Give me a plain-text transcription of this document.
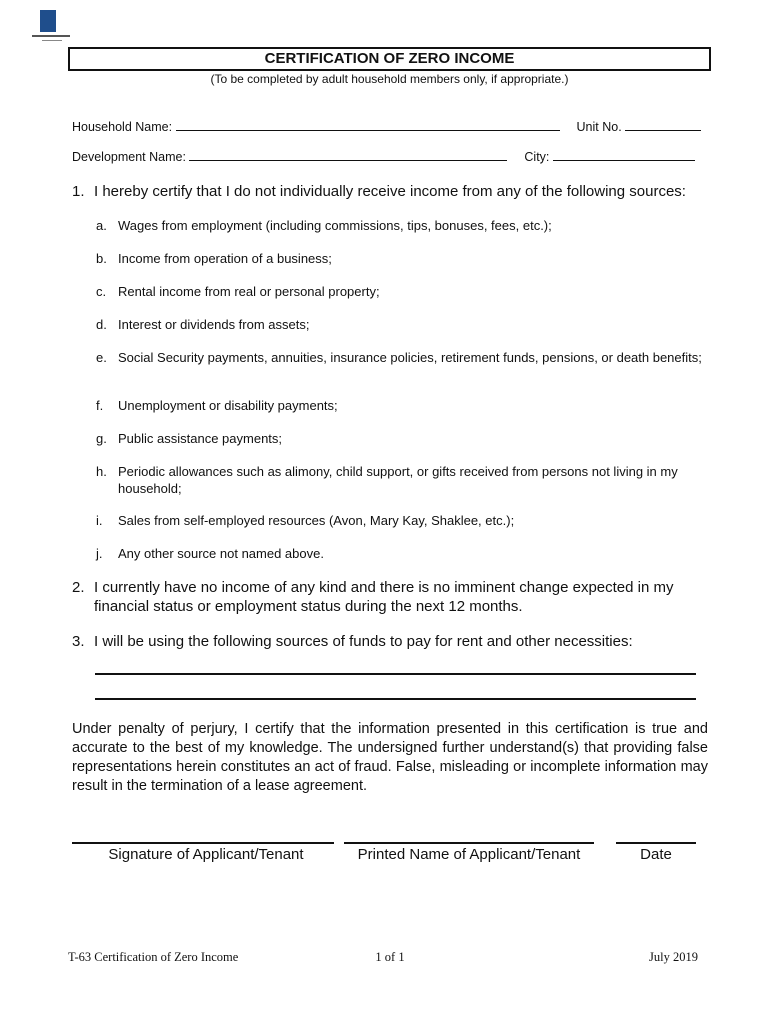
CERTIFICATION OF ZERO INCOME
(To be completed by adult household members only, if appropriate.)
Household Name:	Unit No.
Development Name:	City:
1. I hereby certify that I do not individually receive income from any of the following sources:
a. Wages from employment (including commissions, tips, bonuses, fees, etc.);
b. Income from operation of a business;
c. Rental income from real or personal property;
d. Interest or dividends from assets;
e. Social Security payments, annuities, insurance policies, retirement funds, pensions, or death benefits;
f. Unemployment or disability payments;
g. Public assistance payments;
h. Periodic allowances such as alimony, child support, or gifts received from persons not living in my household;
i. Sales from self-employed resources (Avon, Mary Kay, Shaklee, etc.);
j. Any other source not named above.
2. I currently have no income of any kind and there is no imminent change expected in my financial status or employment status during the next 12 months.
3. I will be using the following sources of funds to pay for rent and other necessities:
Under penalty of perjury, I certify that the information presented in this certification is true and accurate to the best of my knowledge. The undersigned further understand(s) that providing false representations herein constitutes an act of fraud. False, misleading or incomplete information may result in the termination of a lease agreement.
Signature of Applicant/Tenant	Printed Name of Applicant/Tenant	Date
T-63 Certification of Zero Income	1 of 1	July 2019
